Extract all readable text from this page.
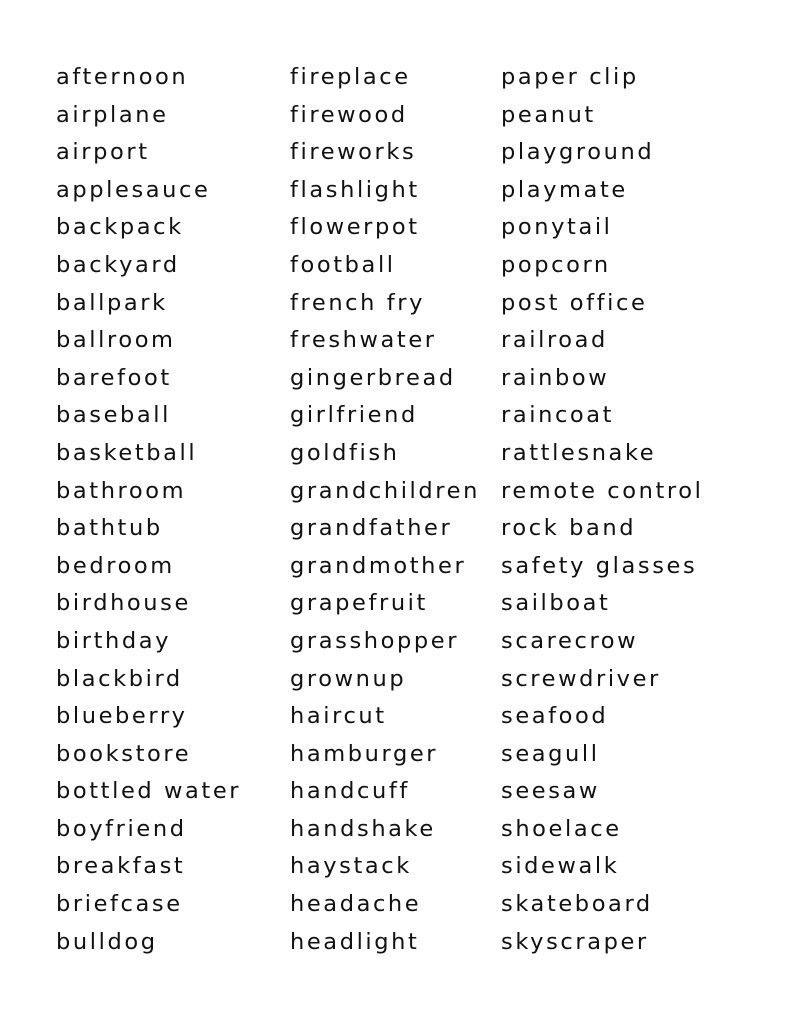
afternoon
airplane
airport
applesauce
backpack
backyard
ballpark
ballroom
barefoot
baseball
basketball
bathroom
bathtub
bedroom
birdhouse
birthday
blackbird
blueberry
bookstore
bottled water
boyfriend
breakfast
briefcase
bulldog
fireplace
firewood
fireworks
flashlight
flowerpot
football
french fry
freshwater
gingerbread
girlfriend
goldfish
grandchildren
grandfather
grandmother
grapefruit
grasshopper
grownup
haircut
hamburger
handcuff
handshake
haystack
headache
headlight
paper clip
peanut
playground
playmate
ponytail
popcorn
post office
railroad
rainbow
raincoat
rattlesnake
remote control
rock band
safety glasses
sailboat
scarecrow
screwdriver
seafood
seagull
seesaw
shoelace
sidewalk
skateboard
skyscraper
